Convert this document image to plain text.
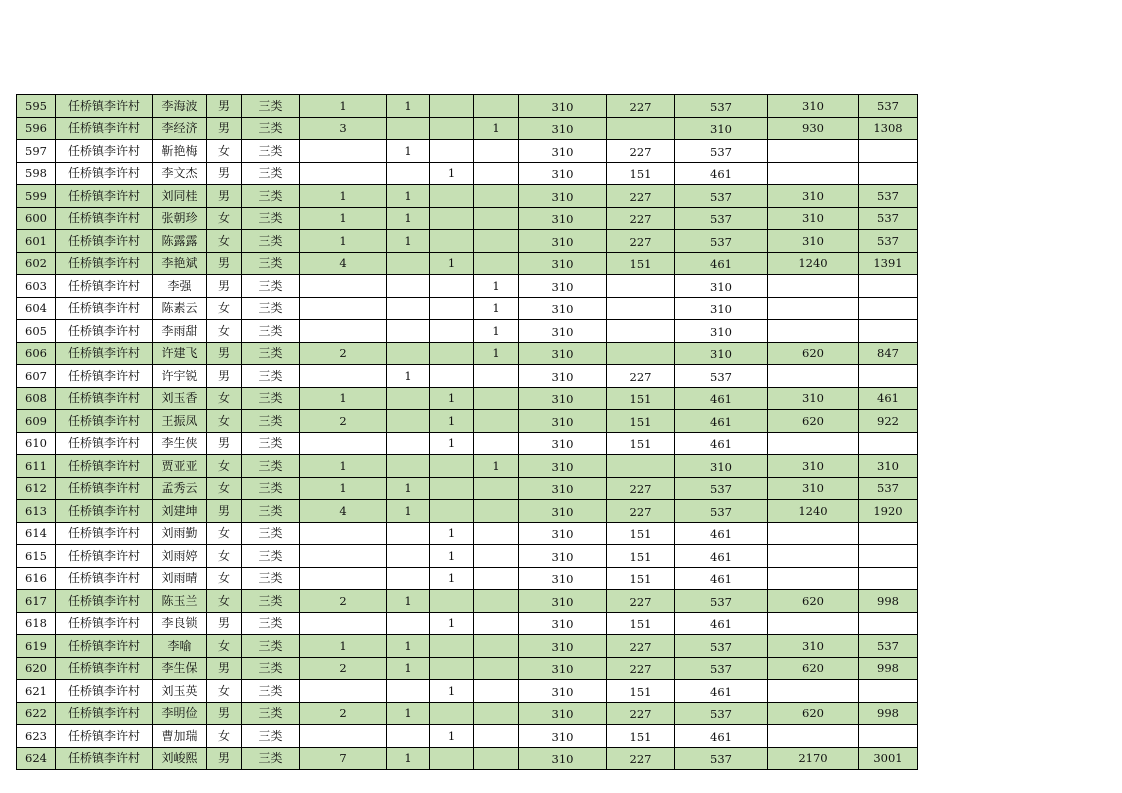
595	任桥镇李许村	李海波	男	三类	1	1			310	227	537	310	537
596	任桥镇李许村	李经济	男	三类	3			1	310		310	930	1308
597	任桥镇李许村	靳艳梅	女	三类		1			310	227	537		
598	任桥镇李许村	李文杰	男	三类			1		310	151	461		
599	任桥镇李许村	刘同桂	男	三类	1	1			310	227	537	310	537
600	任桥镇李许村	张朝珍	女	三类	1	1			310	227	537	310	537
601	任桥镇李许村	陈露露	女	三类	1	1			310	227	537	310	537
602	任桥镇李许村	李艳斌	男	三类	4		1		310	151	461	1240	1391
603	任桥镇李许村	李强	男	三类				1	310		310		
604	任桥镇李许村	陈素云	女	三类				1	310		310		
605	任桥镇李许村	李雨甜	女	三类				1	310		310		
606	任桥镇李许村	许建飞	男	三类	2			1	310		310	620	847
607	任桥镇李许村	许宇锐	男	三类		1			310	227	537		
608	任桥镇李许村	刘玉香	女	三类	1		1		310	151	461	310	461
609	任桥镇李许村	王振凤	女	三类	2		1		310	151	461	620	922
610	任桥镇李许村	李生侠	男	三类			1		310	151	461		
611	任桥镇李许村	贾亚亚	女	三类	1			1	310		310	310	310
612	任桥镇李许村	孟秀云	女	三类	1	1			310	227	537	310	537
613	任桥镇李许村	刘建坤	男	三类	4	1			310	227	537	1240	1920
614	任桥镇李许村	刘雨勤	女	三类			1		310	151	461		
615	任桥镇李许村	刘雨婷	女	三类			1		310	151	461		
616	任桥镇李许村	刘雨晴	女	三类			1		310	151	461		
617	任桥镇李许村	陈玉兰	女	三类	2	1			310	227	537	620	998
618	任桥镇李许村	李良锁	男	三类			1		310	151	461		
619	任桥镇李许村	李喻	女	三类	1	1			310	227	537	310	537
620	任桥镇李许村	李生保	男	三类	2	1			310	227	537	620	998
621	任桥镇李许村	刘玉英	女	三类			1		310	151	461		
622	任桥镇李许村	李明俭	男	三类	2	1			310	227	537	620	998
623	任桥镇李许村	曹加瑞	女	三类			1		310	151	461		
624	任桥镇李许村	刘峻熙	男	三类	7	1			310	227	537	2170	3001
